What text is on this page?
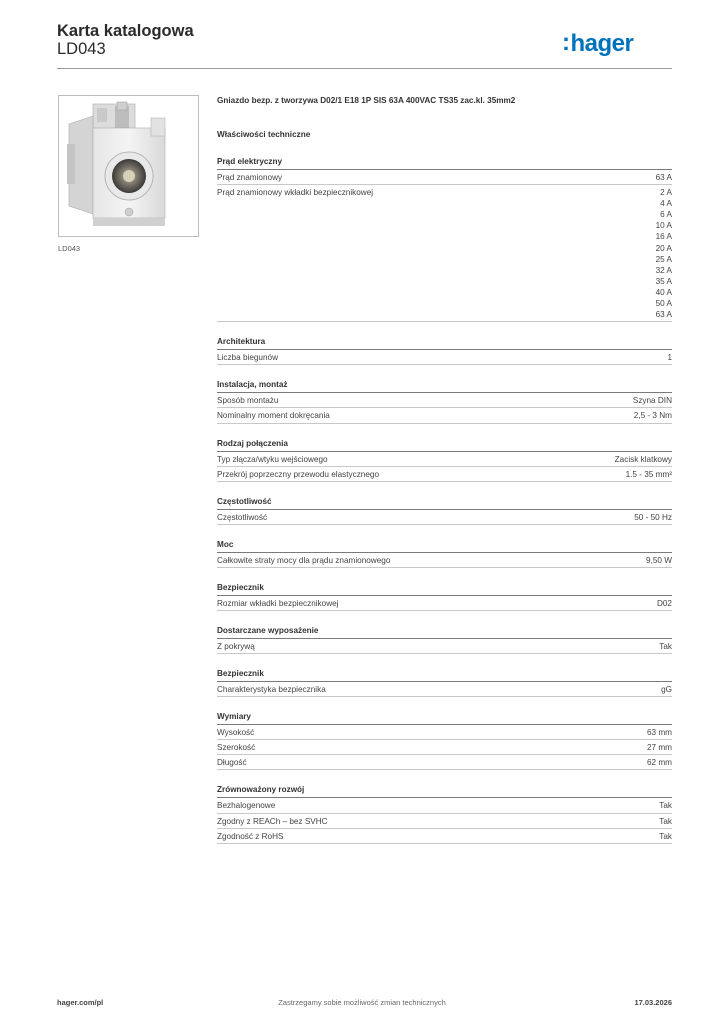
Karta katalogowa
LD043	:hager
LD043
Gniazdo bezp. z tworzywa D02/1 E18 1P SIS 63A 400VAC TS35 zac.kl. 35mm2
Właściwości techniczne
Prąd elektryczny
Prąd znamionowy	63 A
Prąd znamionowy wkładki bezpiecznikowej	2 A
4 A
6 A
10 A
16 A
20 A
25 A
32 A
35 A
40 A
50 A
63 A
Architektura
Liczba biegunów	1
Instalacja, montaż
Sposób montażu	Szyna DIN
Nominalny moment dokręcania	2,5 - 3 Nm
Rodzaj połączenia
Typ złącza/wtyku wejściowego	Zacisk klatkowy
Przekrój poprzeczny przewodu elastycznego	1.5 - 35 mm²
Częstotliwość
Częstotliwość	50 - 50 Hz
Moc
Całkowite straty mocy dla prądu znamionowego	9,50 W
Bezpiecznik
Rozmiar wkładki bezpiecznikowej	D02
Dostarczane wyposażenie
Z pokrywą	Tak
Bezpiecznik
Charakterystyka bezpiecznika	gG
Wymiary
Wysokość	63 mm
Szerokość	27 mm
Długość	62 mm
Zrównoważony rozwój
Bezhalogenowe	Tak
Zgodny z REACh – bez SVHC	Tak
Zgodność z RoHS	Tak
Zastrzegamy sobie możliwość zmian technicznych
hager.com/pl	17.03.2026
